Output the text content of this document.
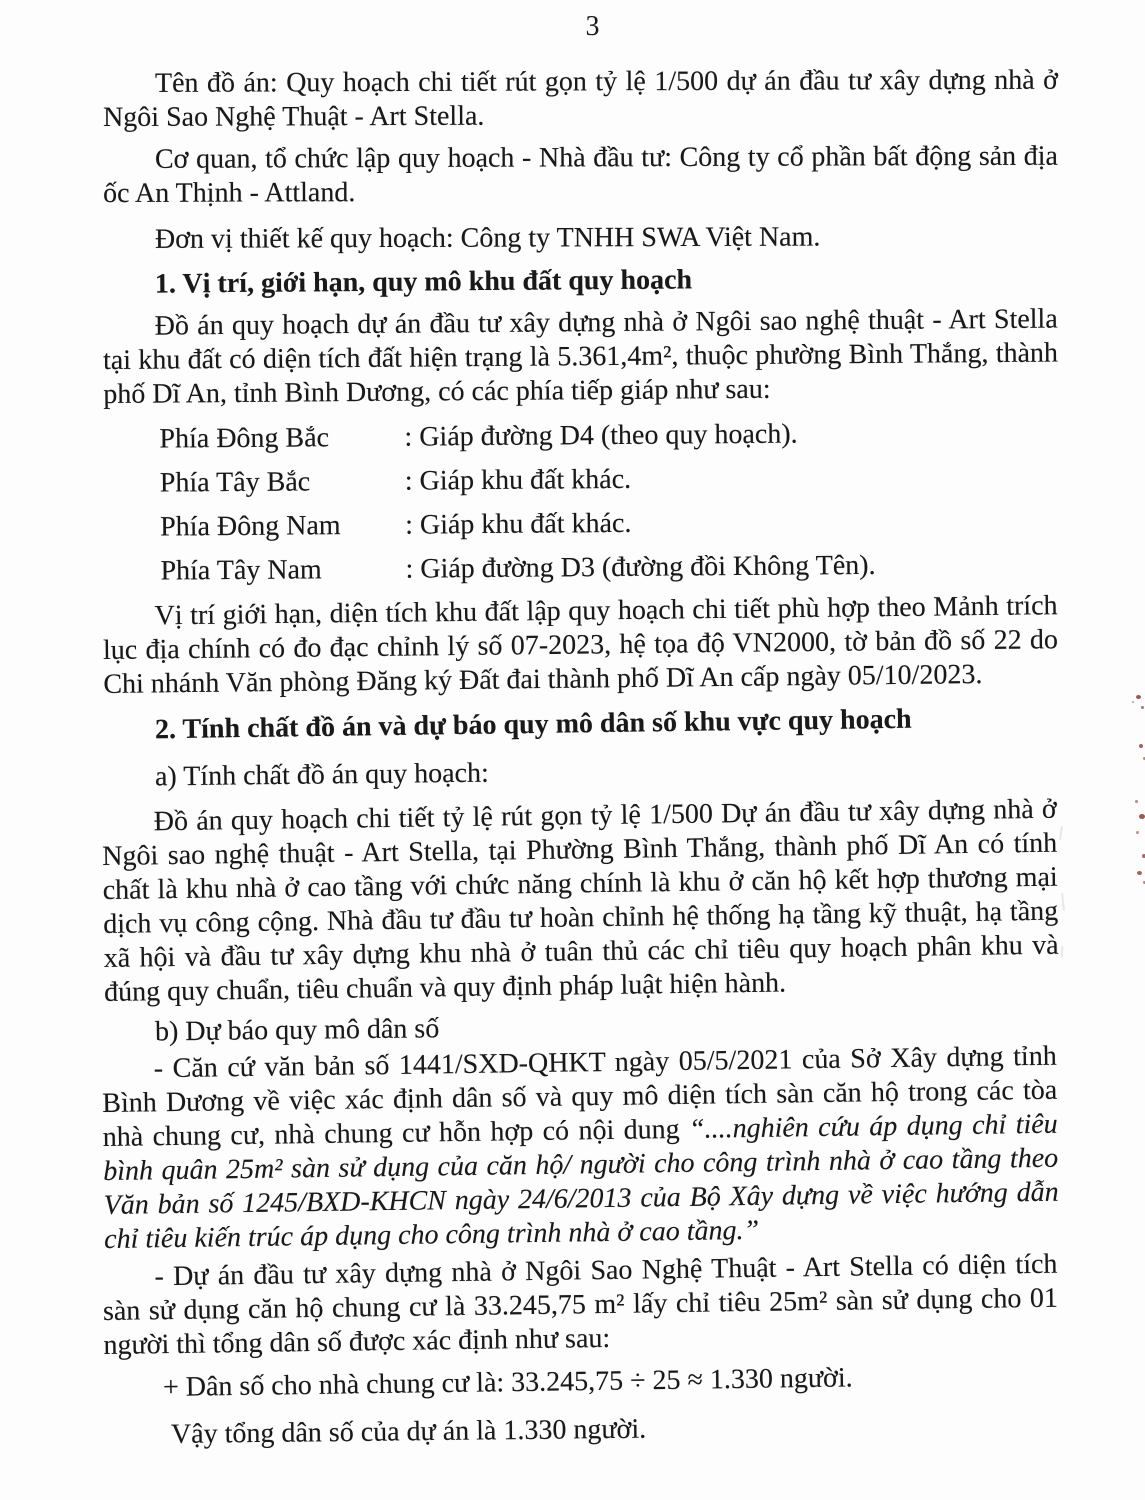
3

Tên đồ án: Quy hoạch chi tiết rút gọn tỷ lệ 1/500 dự án đầu tư xây dựng nhà ở Ngôi Sao Nghệ Thuật - Art Stella.

Cơ quan, tổ chức lập quy hoạch - Nhà đầu tư: Công ty cổ phần bất động sản địa ốc An Thịnh - Attland.

Đơn vị thiết kế quy hoạch: Công ty TNHH SWA Việt Nam.

1. Vị trí, giới hạn, quy mô khu đất quy hoạch

Đồ án quy hoạch dự án đầu tư xây dựng nhà ở Ngôi sao nghệ thuật - Art Stella tại khu đất có diện tích đất hiện trạng là 5.361,4m², thuộc phường Bình Thắng, thành phố Dĩ An, tỉnh Bình Dương, có các phía tiếp giáp như sau:

Phía Đông Bắc	: Giáp đường D4 (theo quy hoạch).
Phía Tây Bắc	: Giáp khu đất khác.
Phía Đông Nam	: Giáp khu đất khác.
Phía Tây Nam	: Giáp đường D3 (đường đồi Không Tên).

Vị trí giới hạn, diện tích khu đất lập quy hoạch chi tiết phù hợp theo Mảnh trích lục địa chính có đo đạc chỉnh lý số 07-2023, hệ tọa độ VN2000, tờ bản đồ số 22 do Chi nhánh Văn phòng Đăng ký Đất đai thành phố Dĩ An cấp ngày 05/10/2023.

2. Tính chất đồ án và dự báo quy mô dân số khu vực quy hoạch

a) Tính chất đồ án quy hoạch:

Đồ án quy hoạch chi tiết tỷ lệ rút gọn tỷ lệ 1/500 Dự án đầu tư xây dựng nhà ở Ngôi sao nghệ thuật - Art Stella, tại Phường Bình Thắng, thành phố Dĩ An có tính chất là khu nhà ở cao tầng với chức năng chính là khu ở căn hộ kết hợp thương mại dịch vụ công cộng. Nhà đầu tư đầu tư hoàn chỉnh hệ thống hạ tầng kỹ thuật, hạ tầng xã hội và đầu tư xây dựng khu nhà ở tuân thủ các chỉ tiêu quy hoạch phân khu và đúng quy chuẩn, tiêu chuẩn và quy định pháp luật hiện hành.

b) Dự báo quy mô dân số

- Căn cứ văn bản số 1441/SXD-QHKT ngày 05/5/2021 của Sở Xây dựng tỉnh Bình Dương về việc xác định dân số và quy mô diện tích sàn căn hộ trong các tòa nhà chung cư, nhà chung cư hỗn hợp có nội dung “....nghiên cứu áp dụng chỉ tiêu bình quân 25m² sàn sử dụng của căn hộ/ người cho công trình nhà ở cao tầng theo Văn bản số 1245/BXD-KHCN ngày 24/6/2013 của Bộ Xây dựng về việc hướng dẫn chỉ tiêu kiến trúc áp dụng cho công trình nhà ở cao tầng.”

- Dự án đầu tư xây dựng nhà ở Ngôi Sao Nghệ Thuật - Art Stella có diện tích sàn sử dụng căn hộ chung cư là 33.245,75 m² lấy chỉ tiêu 25m² sàn sử dụng cho 01 người thì tổng dân số được xác định như sau:

+ Dân số cho nhà chung cư là: 33.245,75 ÷ 25 ≈ 1.330 người.

Vậy tổng dân số của dự án là 1.330 người.
